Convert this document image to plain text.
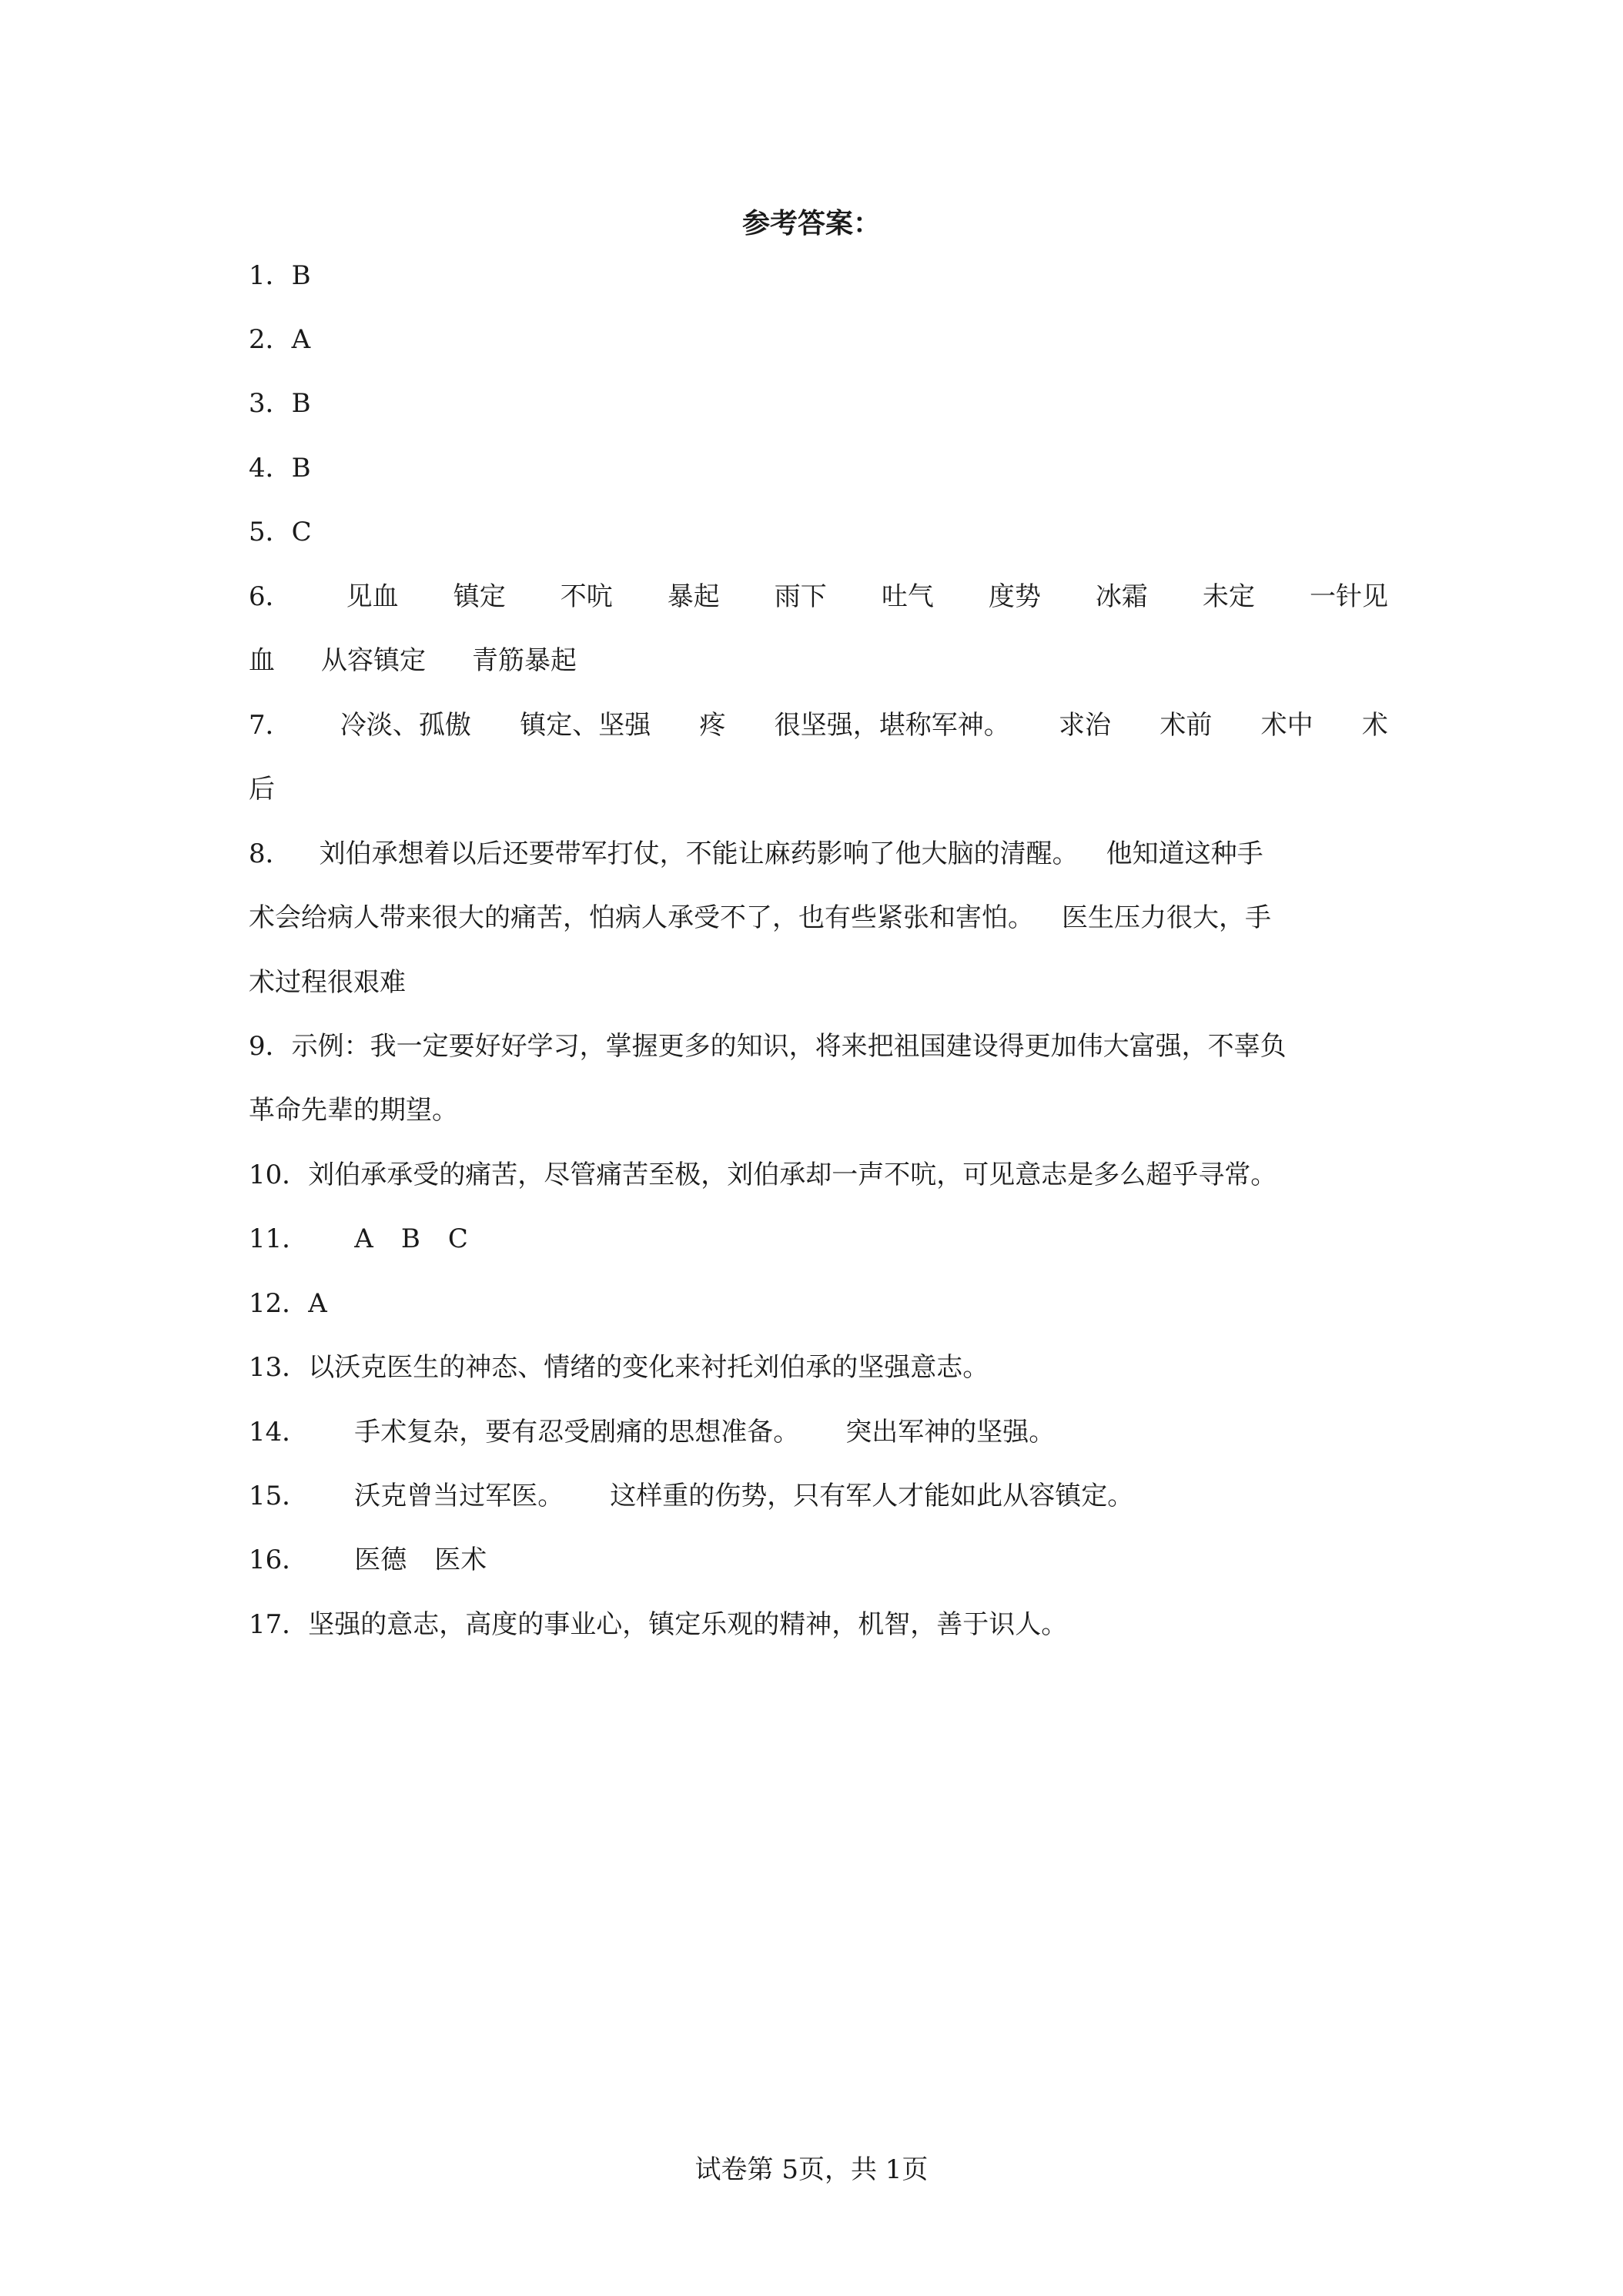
参考答案：
1．B
2．A
3．B
4．B
5．C
6． 见血 镇定 不吭 暴起 雨下 吐气 度势 冰霜 未定 一针见
血 从容镇定 青筋暴起
7． 冷淡、孤傲 镇定、坚强 疼 很坚强，堪称军神。 求治 术前 术中 术
后
8． 刘伯承想着以后还要带军打仗，不能让麻药影响了他大脑的清醒。 他知道这种手
术会给病人带来很大的痛苦，怕病人承受不了，也有些紧张和害怕。 医生压力很大，手
术过程很艰难
9．示例：我一定要好好学习，掌握更多的知识，将来把祖国建设得更加伟大富强，不辜负
革命先辈的期望。
10．刘伯承承受的痛苦，尽管痛苦至极，刘伯承却一声不吭，可见意志是多么超乎寻常。
11． A B C
12．A
13．以沃克医生的神态、情绪的变化来衬托刘伯承的坚强意志。
14． 手术复杂，要有忍受剧痛的思想准备。 突出军神的坚强。
15． 沃克曾当过军医。 这样重的伤势，只有军人才能如此从容镇定。
16． 医德 医术
17．坚强的意志，高度的事业心，镇定乐观的精神，机智，善于识人。
试卷第 5页，共 1页
